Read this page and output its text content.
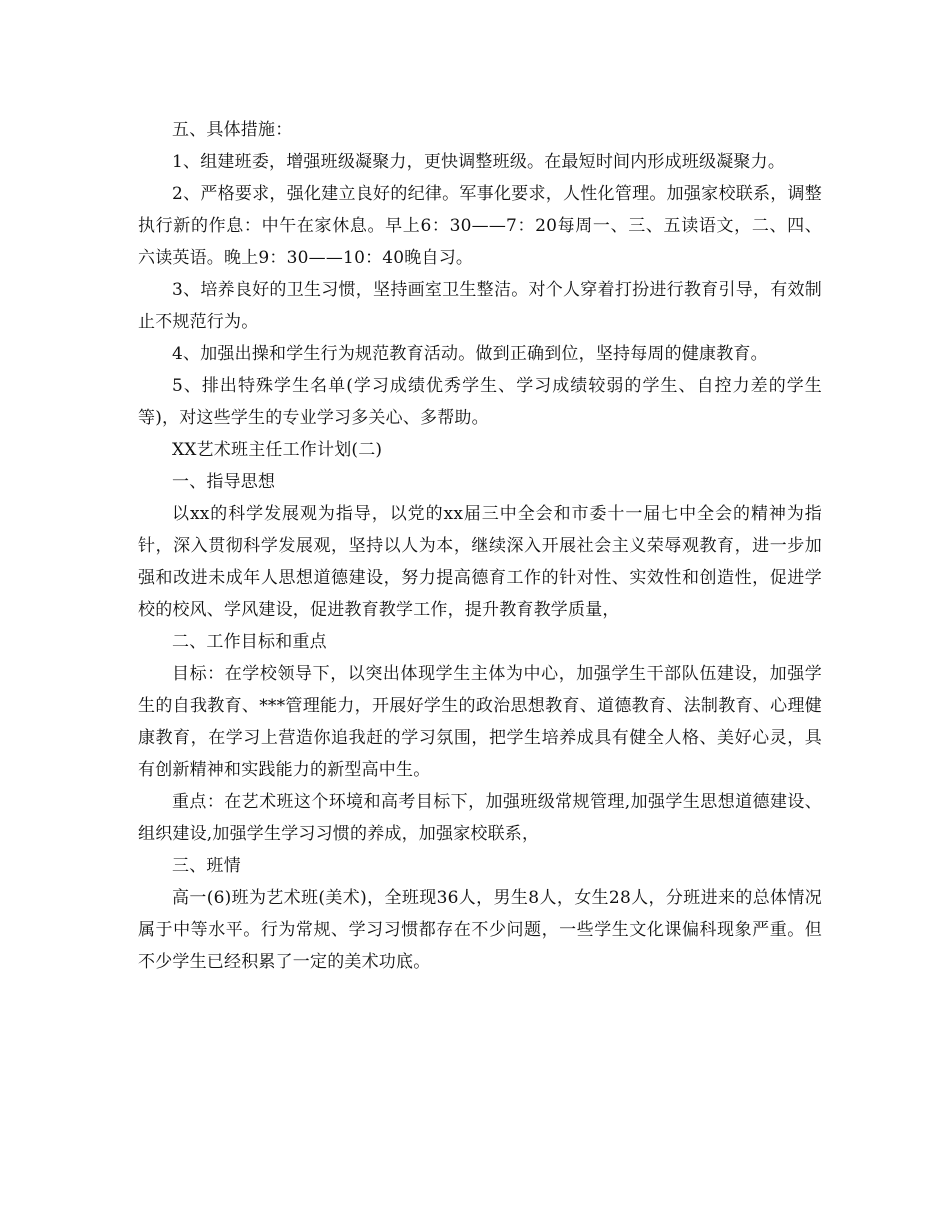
五、具体措施：

1、组建班委，增强班级凝聚力，更快调整班级。在最短时间内形成班级凝聚力。

2、严格要求，强化建立良好的纪律。军事化要求，人性化管理。加强家校联系，调整执行新的作息：中午在家休息。早上6：30——7：20每周一、三、五读语文，二、四、六读英语。晚上9：30——10：40晚自习。

3、培养良好的卫生习惯，坚持画室卫生整洁。对个人穿着打扮进行教育引导，有效制止不规范行为。

4、加强出操和学生行为规范教育活动。做到正确到位，坚持每周的健康教育。

5、排出特殊学生名单(学习成绩优秀学生、学习成绩较弱的学生、自控力差的学生等)，对这些学生的专业学习多关心、多帮助。

XX艺术班主任工作计划(二)

一、指导思想

以xx的科学发展观为指导，以党的xx届三中全会和市委十一届七中全会的精神为指针，深入贯彻科学发展观，坚持以人为本，继续深入开展社会主义荣辱观教育，进一步加强和改进未成年人思想道德建设，努力提高德育工作的针对性、实效性和创造性，促进学校的校风、学风建设，促进教育教学工作，提升教育教学质量，

二、工作目标和重点

目标：在学校领导下，以突出体现学生主体为中心，加强学生干部队伍建设，加强学生的自我教育、***管理能力，开展好学生的政治思想教育、道德教育、法制教育、心理健康教育，在学习上营造你追我赶的学习氛围，把学生培养成具有健全人格、美好心灵，具有创新精神和实践能力的新型高中生。

重点：在艺术班这个环境和高考目标下，加强班级常规管理,加强学生思想道德建设、组织建设,加强学生学习习惯的养成，加强家校联系，

三、班情

高一(6)班为艺术班(美术)，全班现36人，男生8人，女生28人，分班进来的总体情况属于中等水平。行为常规、学习习惯都存在不少问题，一些学生文化课偏科现象严重。但不少学生已经积累了一定的美术功底。
